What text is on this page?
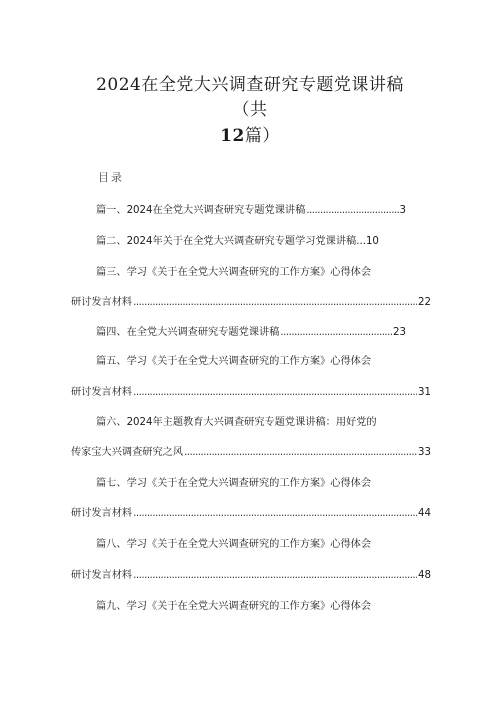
2024在全党大兴调查研究专题党课讲稿
（共
12篇）
目录
篇一、 2024在全党大兴调查研究专题党课讲稿 .....	3
篇二、 2024年关于在全党大兴调查研究专题学习党课讲稿... 10
篇三、学习《关于在全党大兴调查研究的工作方案》心得体会
研讨发言材料 .....	22
篇四、 在全党大兴调查研究专题党课讲稿 .....	23
篇五、学习《关于在全党大兴调查研究的工作方案》心得体会
研讨发言材料 .....	31
篇六、2024年主题教育大兴调查研究专题党课讲稿：用好党的
传家宝大兴调查研究之风 .....	33
篇七、学习《关于在全党大兴调查研究的工作方案》心得体会
研讨发言材料 .....	44
篇八、学习《关于在全党大兴调查研究的工作方案》心得体会
研讨发言材料 .....	48
篇九、学习《关于在全党大兴调查研究的工作方案》心得体会
